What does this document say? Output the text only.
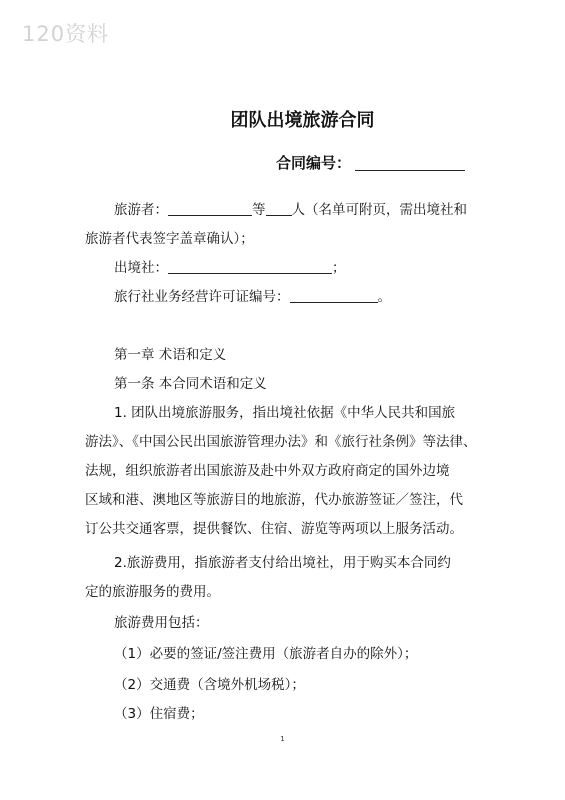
120资料
团队出境旅游合同
合同编号：
旅游者：	等 人（名单可附页，需出境社和
旅游者代表签字盖章确认）；
出境社：	；
旅行社业务经营许可证编号：	。
第一章 术语和定义
第一条 本合同术语和定义
1. 团队出境旅游服务，指出境社依据《中华人民共和国旅
游法》、《中国公民出国旅游管理办法》和《旅行社条例》等法律、
法规，组织旅游者出国旅游及赴中外双方政府商定的国外边境
区域和港、澳地区等旅游目的地旅游，代办旅游签证／签注，代
订公共交通客票，提供餐饮、住宿、游览等两项以上服务活动。
2.旅游费用，指旅游者支付给出境社，用于购买本合同约
定的旅游服务的费用。
旅游费用包括：
（1）必要的签证/签注费用（旅游者自办的除外）；
（2）交通费（含境外机场税）；
（3）住宿费；
1
